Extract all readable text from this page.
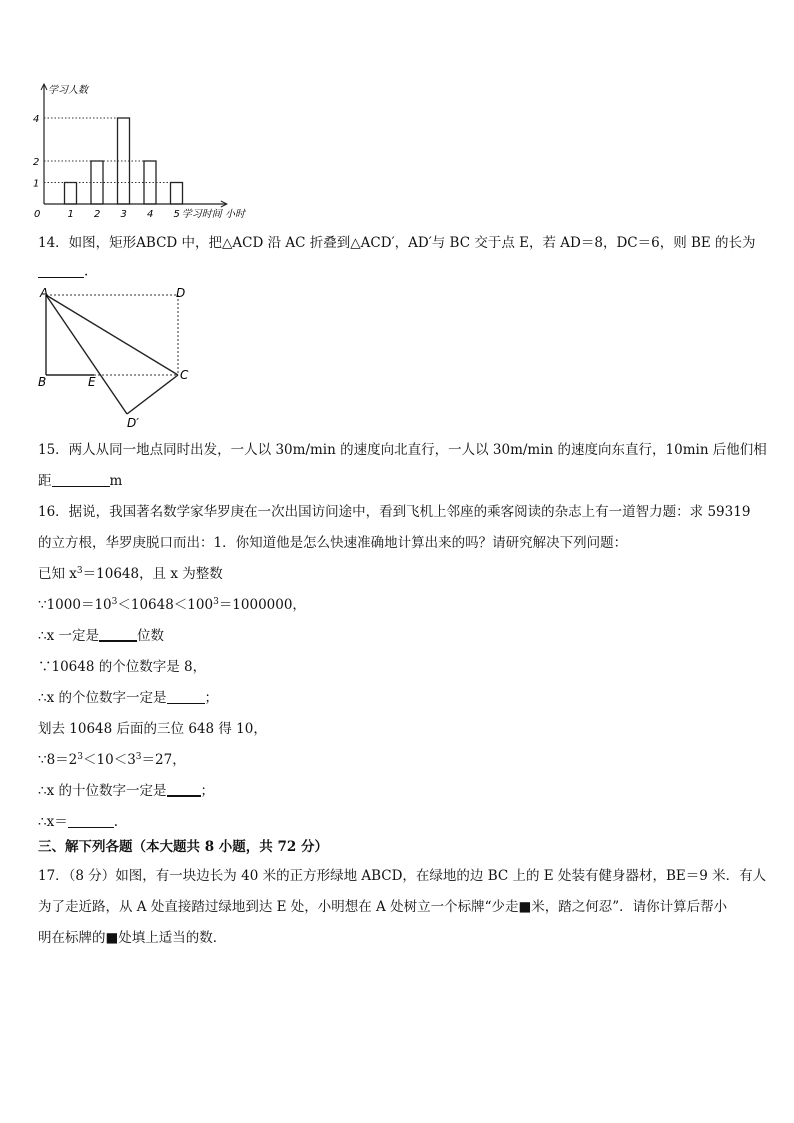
学习人数
学习时间 小时
0	1 2 3 4 5
1
2
4
14．如图，矩形ABCD 中，把△ACD 沿 AC 折叠到△ACD′，AD′与 BC 交于点 E，若 AD＝8，DC＝6，则 BE 的长为
.
A	D
B	E	C
D′
15．两人从同一地点同时出发，一人以 30m/min 的速度向北直行，一人以 30m/min 的速度向东直行，10min 后他们相
距	m
16．据说，我国著名数学家华罗庚在一次出国访问途中，看到飞机上邻座的乘客阅读的杂志上有一道智力题：求 59319
的立方根，华罗庚脱口而出：1．你知道他是怎么快速准确地计算出来的吗？请研究解决下列问题：
已知 $x^3=10648$，且 x 为整数
$\because 1000=10^3<10648<100^3=1000000$，
∴x 一定是	位数
∵10648 的个位数字是 8，
∴x 的个位数字一定是	；
划去 10648 后面的三位 648 得 10，
$\because 8=2^3<10<3^3=27$，
∴x 的十位数字一定是	；
∴x＝	.
三、解下列各题（本大题共 8 小题，共 72 分）
17．（8 分）如图，有一块边长为 40 米的正方形绿地 ABCD，在绿地的边 BC 上的 E 处装有健身器材，BE＝9 米．有人
为了走近路，从 A 处直接踏过绿地到达 E 处，小明想在 A 处树立一个标牌“少走■米，踏之何忍”．请你计算后帮小
明在标牌的■处填上适当的数．
